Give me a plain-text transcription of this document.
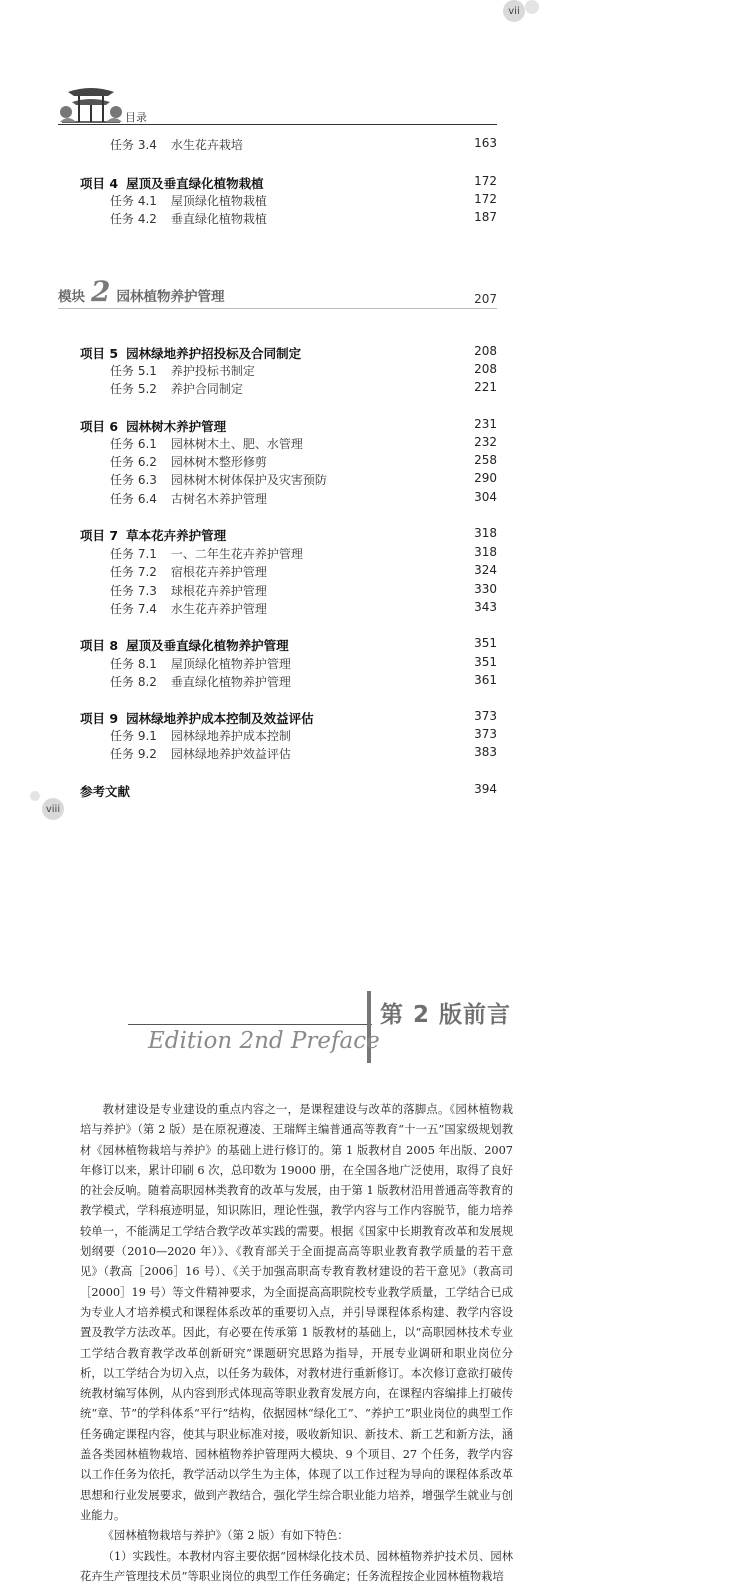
vii
目录
任务 3.4 水生花卉栽培	163
项目 4 屋顶及垂直绿化植物栽植	172
任务 4.1 屋顶绿化植物栽植	172
任务 4.2 垂直绿化植物栽植	187
模块 2 园林植物养护管理	207
项目 5 园林绿地养护招投标及合同制定	208
任务 5.1 养护投标书制定	208
任务 5.2 养护合同制定	221
项目 6 园林树木养护管理	231
任务 6.1 园林树木土、肥、水管理	232
任务 6.2 园林树木整形修剪	258
任务 6.3 园林树木树体保护及灾害预防	290
任务 6.4 古树名木养护管理	304
项目 7 草本花卉养护管理	318
任务 7.1 一、二年生花卉养护管理	318
任务 7.2 宿根花卉养护管理	324
任务 7.3 球根花卉养护管理	330
任务 7.4 水生花卉养护管理	343
项目 8 屋顶及垂直绿化植物养护管理	351
任务 8.1 屋顶绿化植物养护管理	351
任务 8.2 垂直绿化植物养护管理	361
项目 9 园林绿地养护成本控制及效益评估	373
任务 9.1 园林绿地养护成本控制	373
任务 9.2 园林绿地养护效益评估	383
参考文献	394
viii
第 2 版前言
Edition 2nd Preface

教材建设是专业建设的重点内容之一，是课程建设与改革的落脚点。《园林植物栽培与养护》（第 2 版）是在原祝遵凌、王瑞辉主编普通高等教育“十一五”国家级规划教材《园林植物栽培与养护》的基础上进行修订的。第 1 版教材自 2005 年出版、2007 年修订以来，累计印刷 6 次，总印数为 19000 册，在全国各地广泛使用，取得了良好的社会反响。随着高职园林类教育的改革与发展，由于第 1 版教材沿用普通高等教育的教学模式，学科痕迹明显，知识陈旧，理论性强，教学内容与工作内容脱节，能力培养较单一，不能满足工学结合教学改革实践的需要。根据《国家中长期教育改革和发展规划纲要（2010—2020 年）》、《教育部关于全面提高高等职业教育教学质量的若干意见》（教高［2006］16 号）、《关于加强高职高专教育教材建设的若干意见》（教高司［2000］19 号）等文件精神要求，为全面提高高职院校专业教学质量，工学结合已成为专业人才培养模式和课程体系改革的重要切入点，并引导课程体系构建、教学内容设置及教学方法改革。因此，有必要在传承第 1 版教材的基础上，以“高职园林技术专业工学结合教育教学改革创新研究”课题研究思路为指导，开展专业调研和职业岗位分析，以工学结合为切入点，以任务为载体，对教材进行重新修订。本次修订意欲打破传统教材编写体例，从内容到形式体现高等职业教育发展方向，在课程内容编排上打破传统“章、节”的学科体系“平行”结构，依据园林“绿化工”、“养护工”职业岗位的典型工作任务确定课程内容，使其与职业标准对接，吸收新知识、新技术、新工艺和新方法，涵盖各类园林植物栽培、园林植物养护管理两大模块、9 个项目、27 个任务，教学内容以工作任务为依托，教学活动以学生为主体，体现了以工作过程为导向的课程体系改革思想和行业发展要求，做到产教结合，强化学生综合职业能力培养，增强学生就业与创业能力。

《园林植物栽培与养护》（第 2 版）有如下特色：

（1）实践性。本教材内容主要依据“园林绿化技术员、园林植物养护技术员、园林花卉生产管理技术员”等职业岗位的典型工作任务确定；任务流程按企业园林植物栽培
